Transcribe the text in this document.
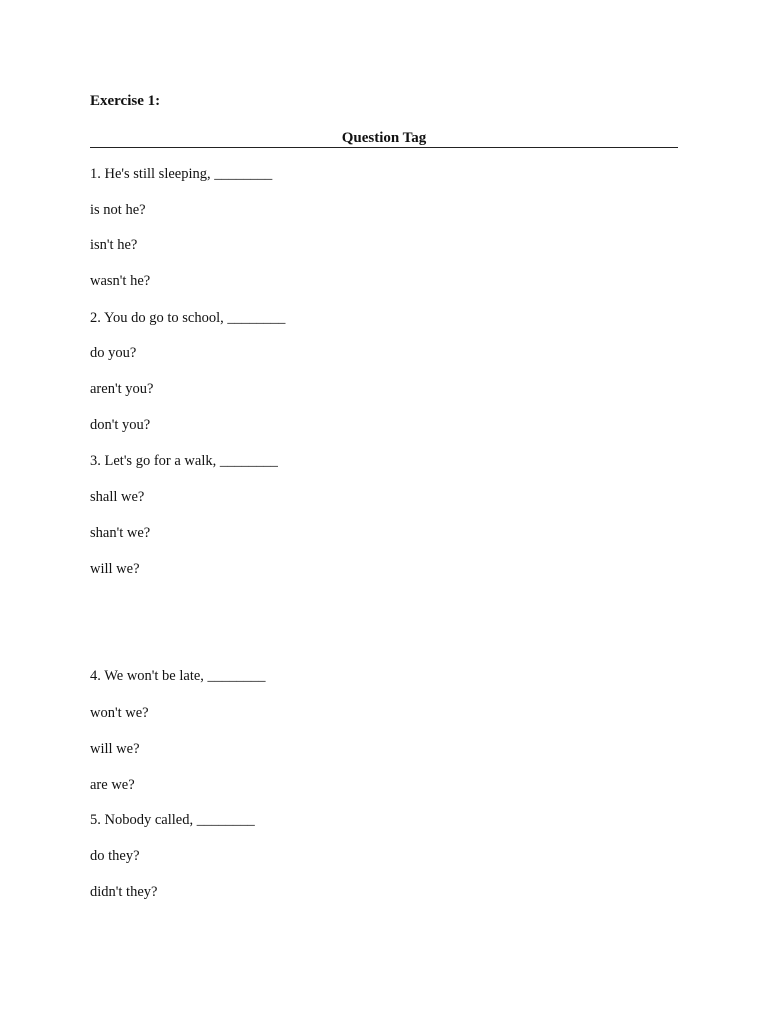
Exercise 1:
Question Tag
1. He's still sleeping, ________
is not he?
isn't he?
wasn't he?
2. You do go to school, ________
do you?
aren't you?
don't you?
3. Let's go for a walk, ________
shall we?
shan't we?
will we?
4. We won't be late, ________
won't we?
will we?
are we?
5. Nobody called, ________
do they?
didn't they?
